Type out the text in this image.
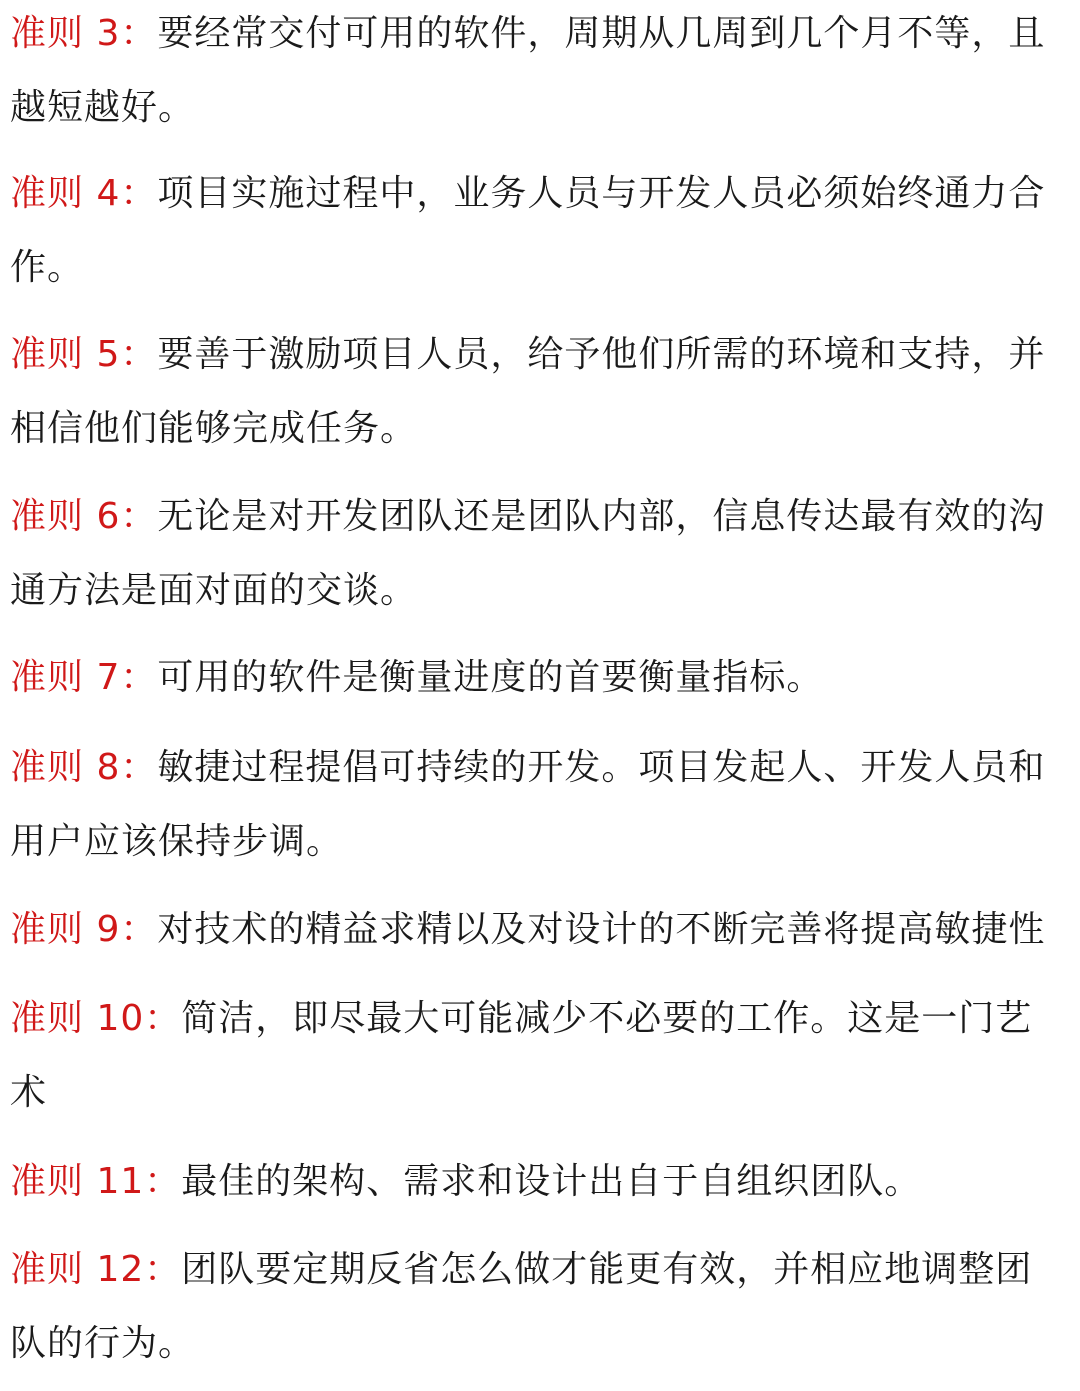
准则 3：要经常交付可用的软件，周期从几周到几个月不等，且越短越好。

准则 4：项目实施过程中，业务人员与开发人员必须始终通力合作。

准则 5：要善于激励项目人员，给予他们所需的环境和支持，并相信他们能够完成任务。

准则 6：无论是对开发团队还是团队内部，信息传达最有效的沟通方法是面对面的交谈。

准则 7：可用的软件是衡量进度的首要衡量指标。

准则 8：敏捷过程提倡可持续的开发。项目发起人、开发人员和用户应该保持步调。

准则 9：对技术的精益求精以及对设计的不断完善将提高敏捷性

准则 10：简洁，即尽最大可能减少不必要的工作。这是一门艺术

准则 11：最佳的架构、需求和设计出自于自组织团队。

准则 12：团队要定期反省怎么做才能更有效，并相应地调整团队的行为。
